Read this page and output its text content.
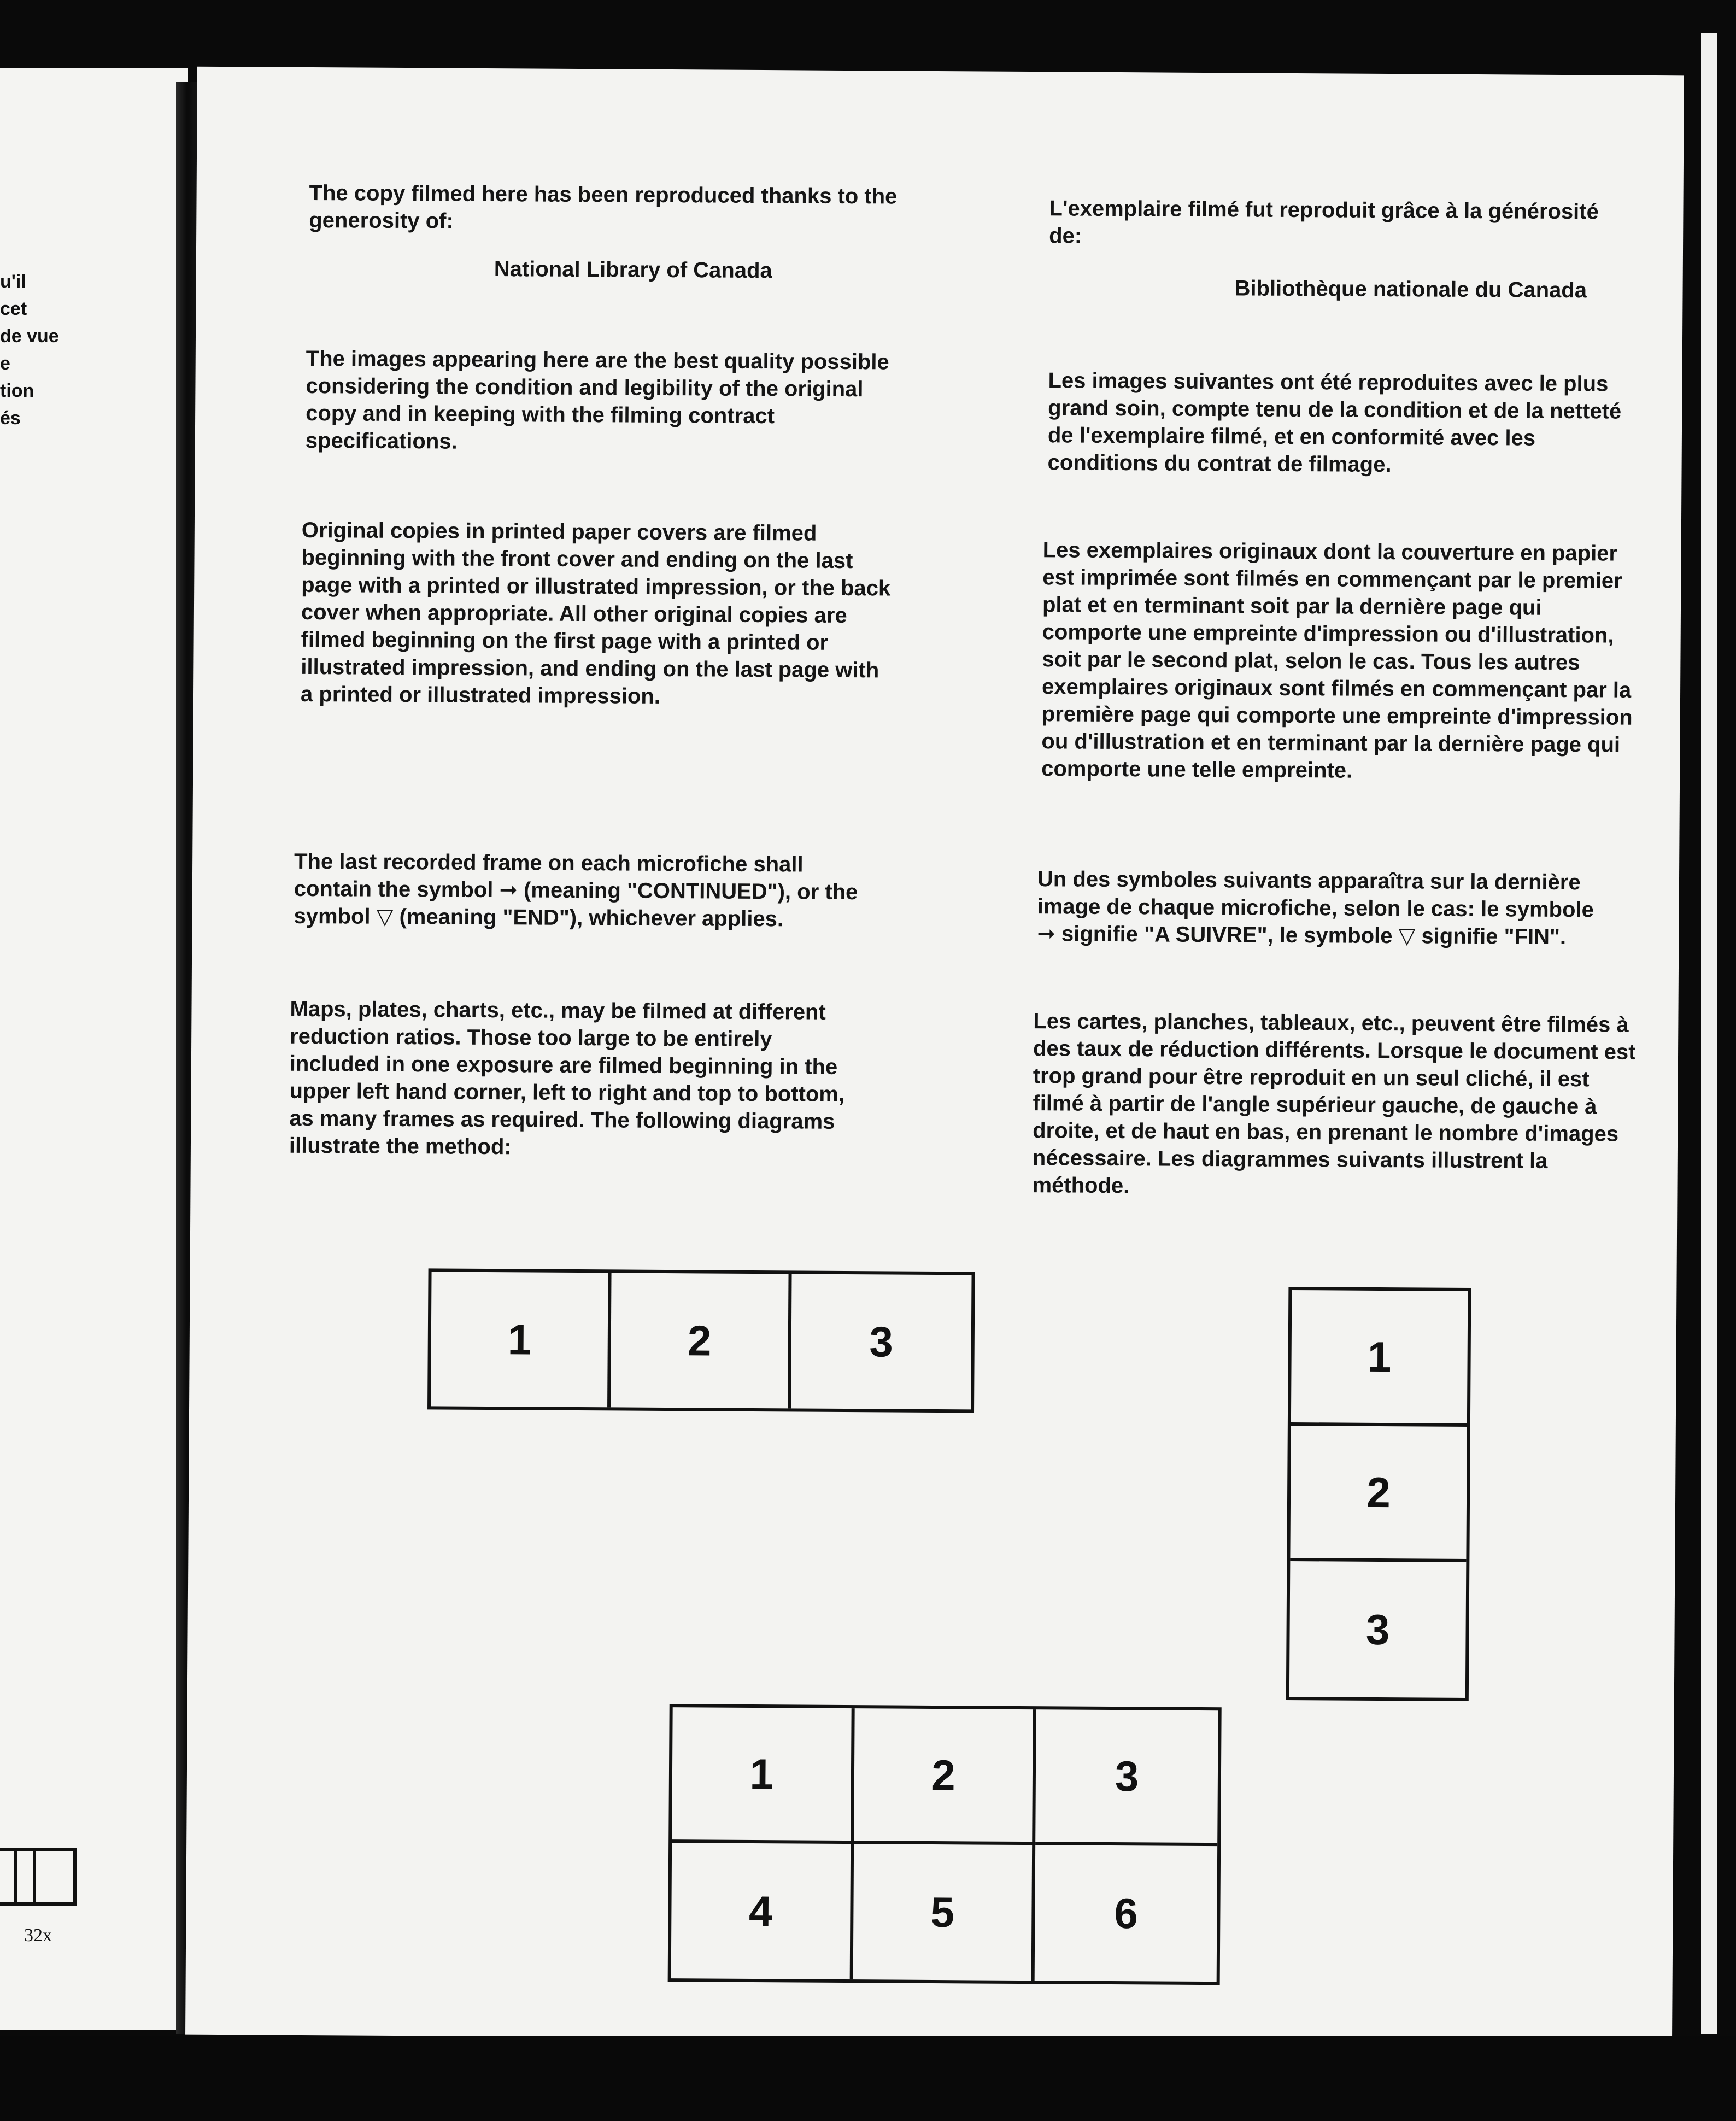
u'il
cet
de vue
e
tion
és
32x

The copy filmed here has been reproduced thanks to the generosity of:

National Library of Canada

The images appearing here are the best quality possible considering the condition and legibility of the original copy and in keeping with the filming contract specifications.

Original copies in printed paper covers are filmed beginning with the front cover and ending on the last page with a printed or illustrated impression, or the back cover when appropriate. All other original copies are filmed beginning on the first page with a printed or illustrated impression, and ending on the last page with a printed or illustrated impression.

The last recorded frame on each microfiche shall contain the symbol ➞ (meaning "CONTINUED"), or the symbol ▽ (meaning "END"), whichever applies.

Maps, plates, charts, etc., may be filmed at different reduction ratios. Those too large to be entirely included in one exposure are filmed beginning in the upper left hand corner, left to right and top to bottom, as many frames as required. The following diagrams illustrate the method:

L'exemplaire filmé fut reproduit grâce à la générosité de:

Bibliothèque nationale du Canada

Les images suivantes ont été reproduites avec le plus grand soin, compte tenu de la condition et de la netteté de l'exemplaire filmé, et en conformité avec les conditions du contrat de filmage.

Les exemplaires originaux dont la couverture en papier est imprimée sont filmés en commençant par le premier plat et en terminant soit par la dernière page qui comporte une empreinte d'impression ou d'illustration, soit par le second plat, selon le cas. Tous les autres exemplaires originaux sont filmés en commençant par la première page qui comporte une empreinte d'impression ou d'illustration et en terminant par la dernière page qui comporte une telle empreinte.

Un des symboles suivants apparaîtra sur la dernière image de chaque microfiche, selon le cas: le symbole ➞ signifie "A SUIVRE", le symbole ▽ signifie "FIN".

Les cartes, planches, tableaux, etc., peuvent être filmés à des taux de réduction différents. Lorsque le document est trop grand pour être reproduit en un seul cliché, il est filmé à partir de l'angle supérieur gauche, de gauche à droite, et de haut en bas, en prenant le nombre d'images nécessaire. Les diagrammes suivants illustrent la méthode.

1	2	3	1
2
3
1	2	3
4	5	6
